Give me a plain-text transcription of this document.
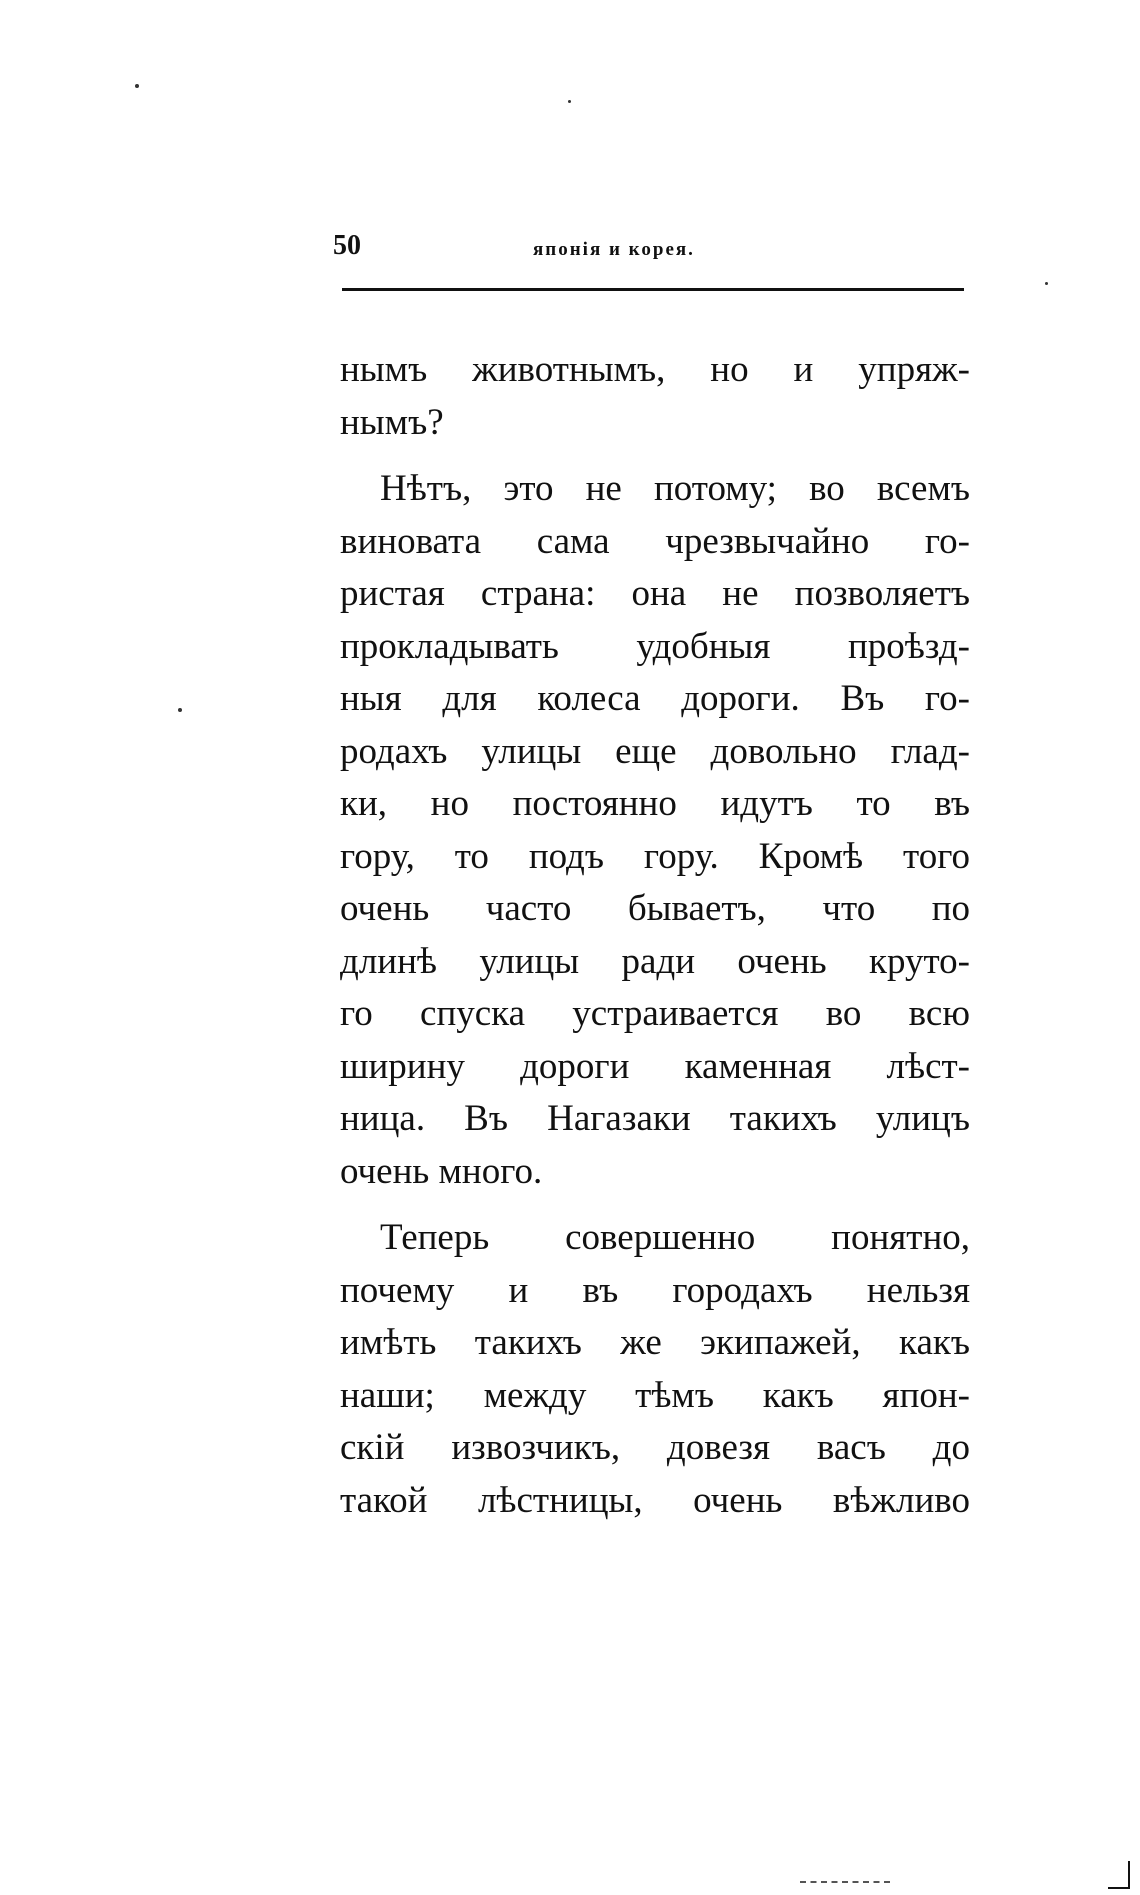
50	японія и корея.
нымъ животнымъ, но и упряж-
нымъ?
Нѣтъ, это не потому; во всемъ
виновата сама чрезвычайно го-
ристая страна: она не позволяетъ
прокладывать удобныя проѣзд-
ныя для колеса дороги. Въ го-
родахъ улицы еще довольно глад-
ки, но постоянно идутъ то въ
гору, то подъ гору. Кромѣ того
очень часто бываетъ, что по
длинѣ улицы ради очень круто-
го спуска устраивается во всю
ширину дороги каменная лѣст-
ница. Въ Нагазаки такихъ улицъ
очень много.
Теперь совершенно понятно,
почему и въ городахъ нельзя
имѣть такихъ же экипажей, какъ
наши; между тѣмъ какъ япон-
скій извозчикъ, довезя васъ до
такой лѣстницы, очень вѣжливо
